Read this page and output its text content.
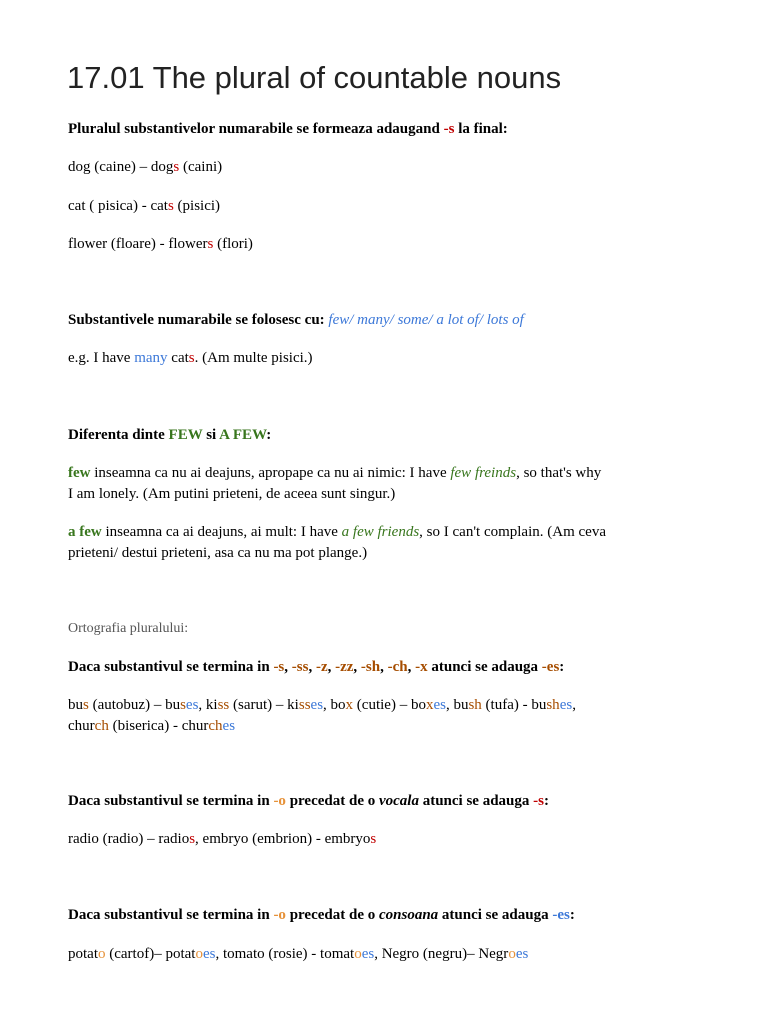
17.01 The plural of countable nouns

Pluralul substantivelor numarabile se formeaza adaugand -s la final:

dog (caine) – dogs (caini)

cat ( pisica) - cats (pisici)

flower (floare) - flowers (flori)

Substantivele numarabile se folosesc cu: few/ many/ some/ a lot of/ lots of

e.g. I have many cats. (Am multe pisici.)

Diferenta dinte FEW si A FEW:

few inseamna ca nu ai deajuns, apropape ca nu ai nimic: I have few freinds, so that's why
I am lonely. (Am putini prieteni, de aceea sunt singur.)

a few inseamna ca ai deajuns, ai mult: I have a few friends, so I can't complain. (Am ceva
prieteni/ destui prieteni, asa ca nu ma pot plange.)

Ortografia pluralului:

Daca substantivul se termina in -s, -ss, -z, -zz, -sh, -ch, -x atunci se adauga -es:

bus (autobuz) – buses, kiss (sarut) – kisses, box (cutie) – boxes, bush (tufa) - bushes,
church (biserica) - churches

Daca substantivul se termina in -o precedat de o vocala atunci se adauga -s:

radio (radio) – radios, embryo (embrion) - embryos

Daca substantivul se termina in -o precedat de o consoana atunci se adauga -es:

potato (cartof)– potatoes, tomato (rosie) - tomatoes, Negro (negru)– Negroes
